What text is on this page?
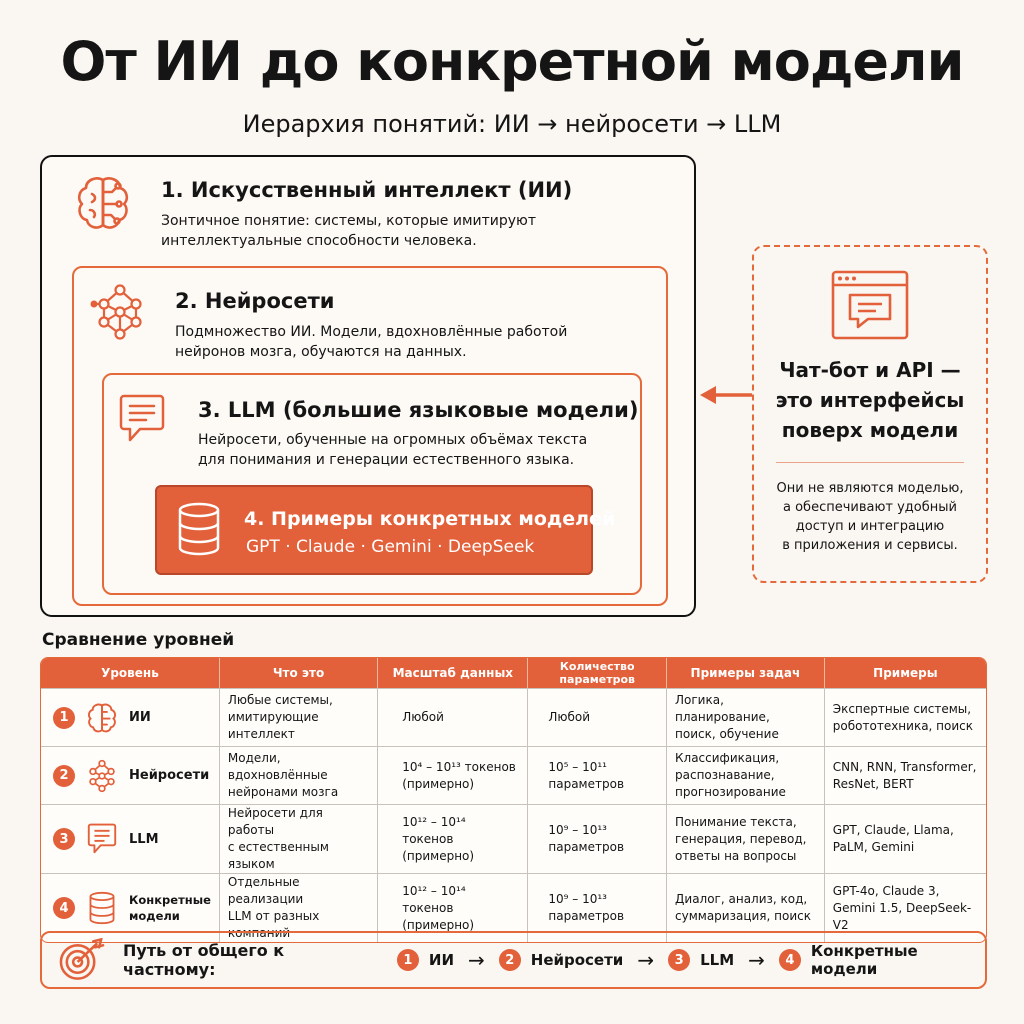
От ИИ до конкретной модели
Иерархия понятий: ИИ → нейросети → LLM
1. Искусственный интеллект (ИИ)
Зонтичное понятие: системы, которые имитируют
интеллектуальные способности человека.
2. Нейросети
Подмножество ИИ. Модели, вдохновлённые работой
нейронов мозга, обучаются на данных.
3. LLM (большие языковые модели)
Нейросети, обученные на огромных объёмах текста
для понимания и генерации естественного языка.
4. Примеры конкретных моделей
GPT · Claude · Gemini · DeepSeek
Чат-бот и API —
это интерфейсы
поверх модели
Они не являются моделью,
а обеспечивают удобный
доступ и интеграцию
в приложения и сервисы.
Сравнение уровней
Уровень	Что это	Масштаб данных	Количество параметров	Примеры задач	Примеры

1 ИИ	Любые системы,
имитирующие интеллект	Любой	Любой	Логика, планирование,
поиск, обучение	Экспертные системы,
робототехника, поиск

2 Нейросети	Модели, вдохновлённые
нейронами мозга	10⁴ – 10¹³ токенов
(примерно)	10⁵ – 10¹¹
параметров	Классификация,
распознавание,
прогнозирование	CNN, RNN, Transformer,
ResNet, BERT

3 LLM	Нейросети для работы
с естественным языком	10¹² – 10¹⁴ токенов
(примерно)	10⁹ – 10¹³
параметров	Понимание текста,
генерация, перевод,
ответы на вопросы	GPT, Claude, Llama,
PaLM, Gemini

4
Конкретные
модели	Отдельные реализации
LLM от разных компаний	10¹² – 10¹⁴ токенов
(примерно)	10⁹ – 10¹³
параметров	Диалог, анализ, код,
суммаризация, поиск	GPT-4o, Claude 3,
Gemini 1.5, DeepSeek-V2
Путь от общего к частному:	1	ИИ →	2	Нейросети →	3	LLM →	4	Конкретные модели
